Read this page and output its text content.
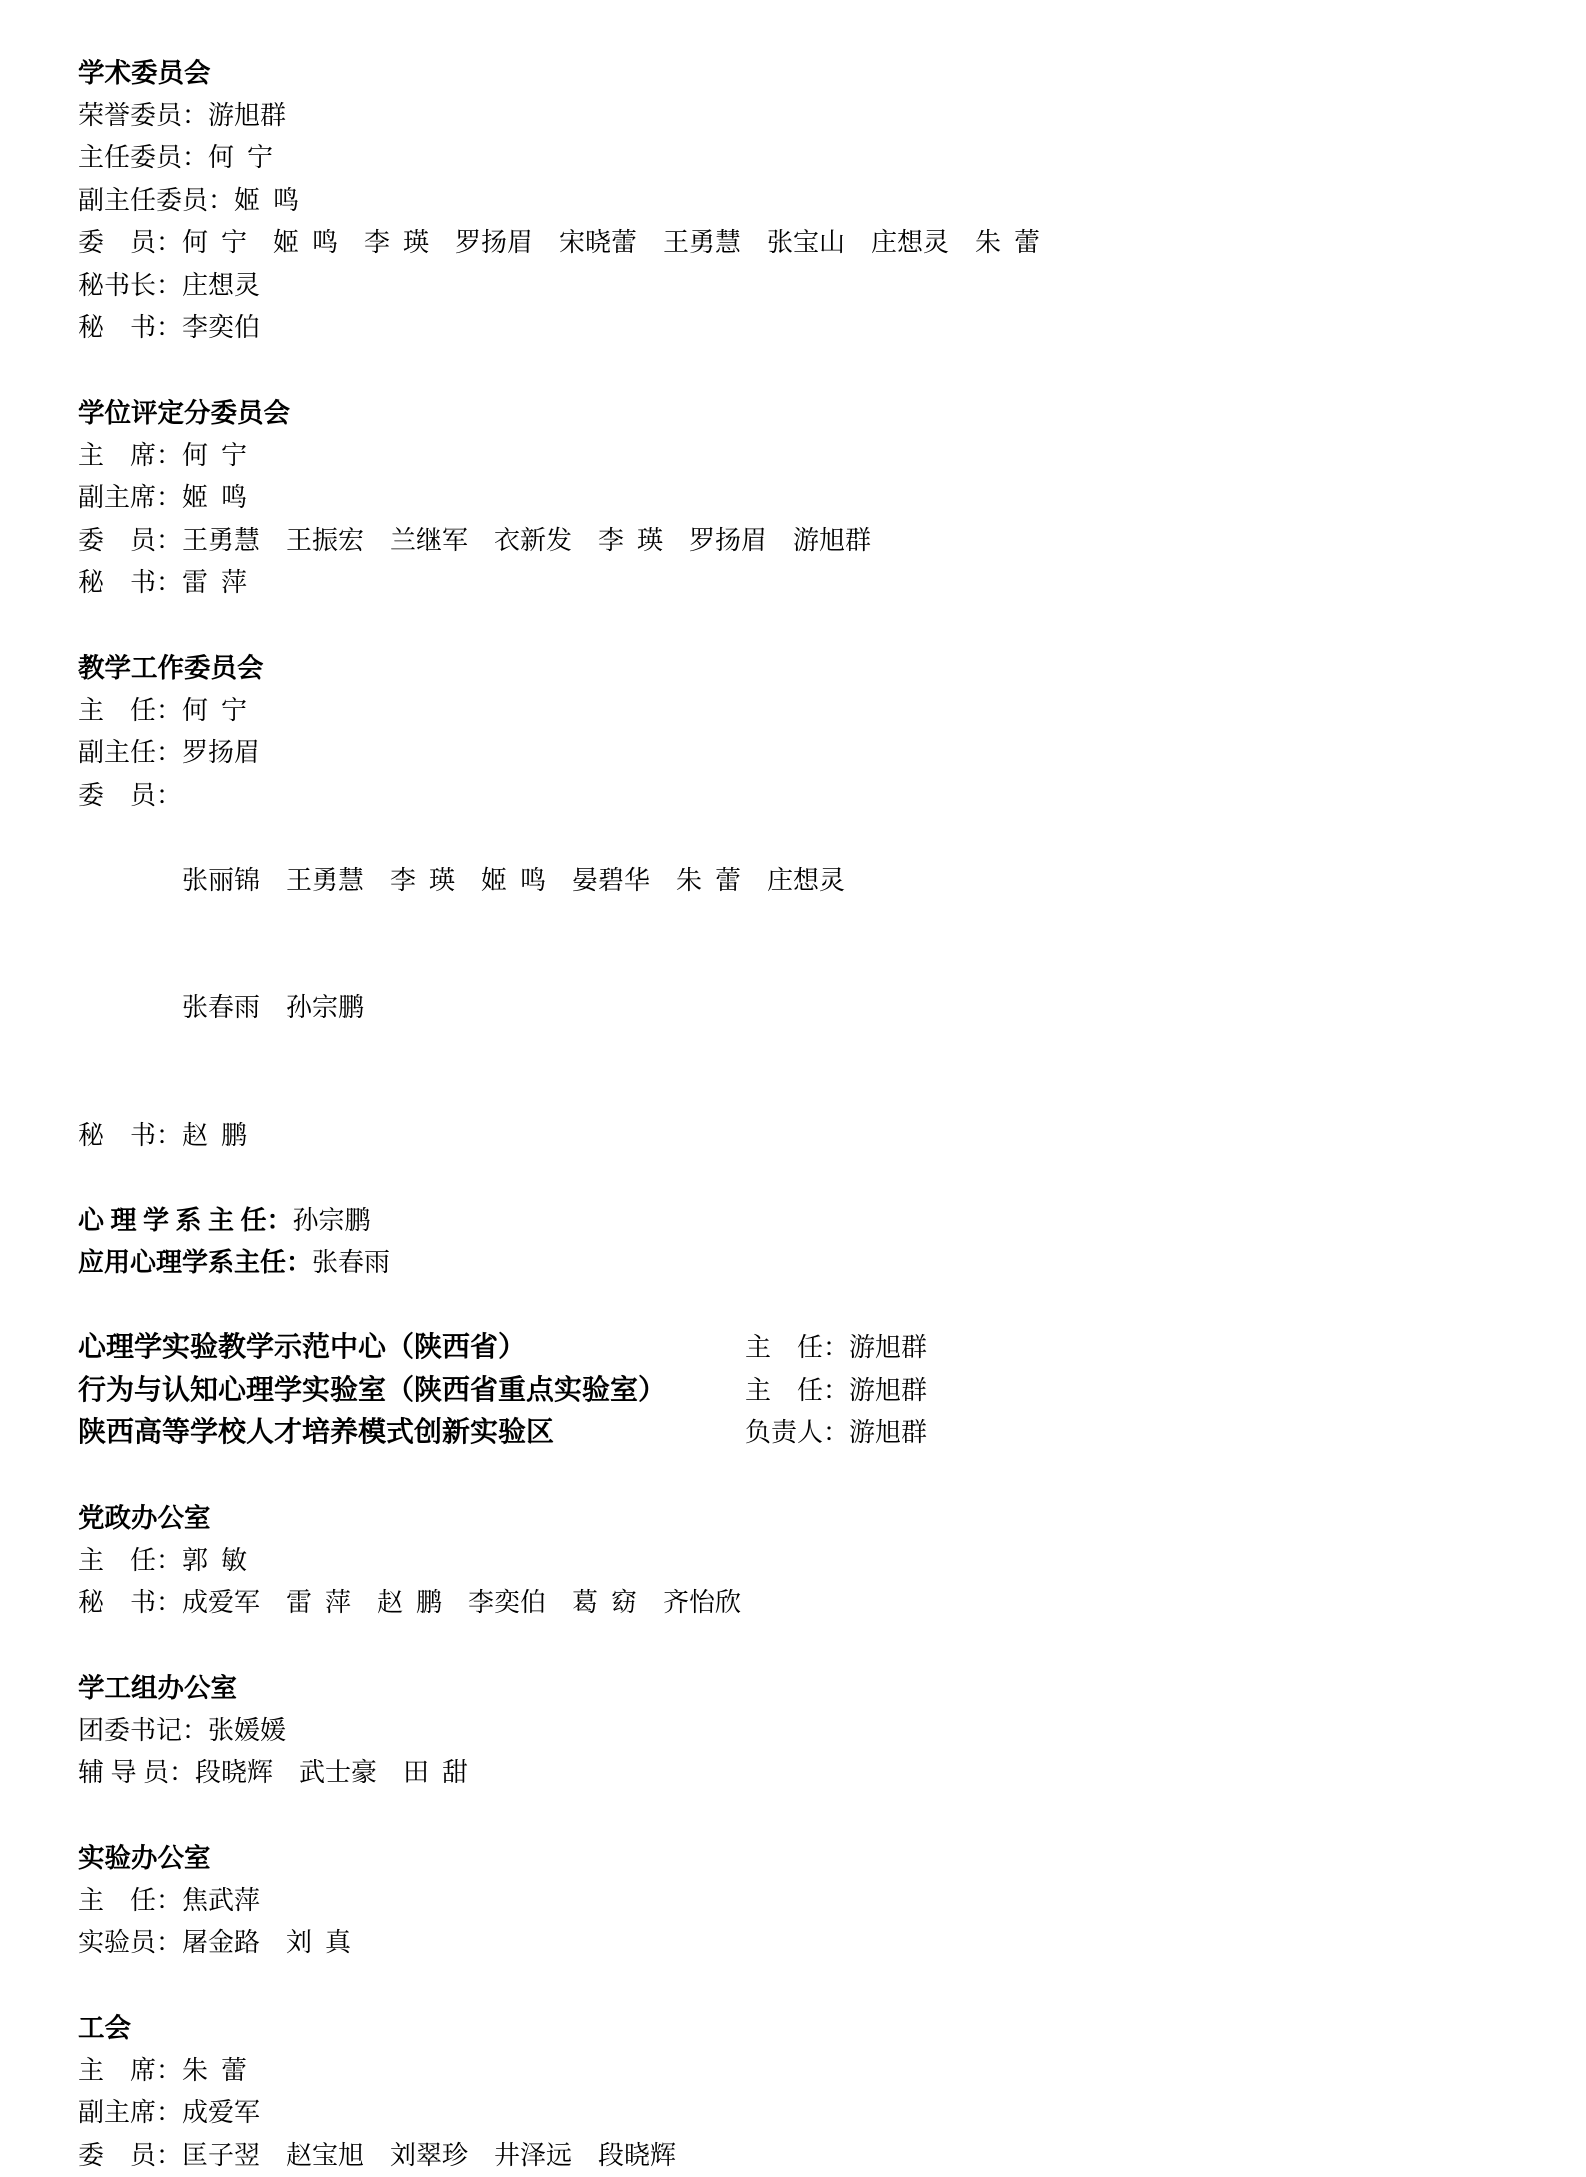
学术委员会
荣誉委员： 游旭群
主任委员： 何  宁
副主任委员： 姬  鸣
委　员： 何  宁　姬  鸣　李  瑛　罗扬眉　宋晓蕾　王勇慧　张宝山　庄想灵　朱  蕾
秘书长： 庄想灵
秘　书： 李奕伯
学位评定分委员会
主　席： 何  宁
副主席： 姬  鸣
委　员： 王勇慧　王振宏　兰继军　衣新发　李  瑛　罗扬眉　游旭群
秘　书： 雷  萍
教学工作委员会
主　任： 何  宁
副主任： 罗扬眉
委　员：

张丽锦　王勇慧　李  瑛　姬  鸣　晏碧华　朱  蕾　庄想灵

张春雨　孙宗鹏

秘　书： 赵  鹏
心 理 学 系 主 任： 孙宗鹏
应用心理学系主任： 张春雨
心理学实验教学示范中心（陕西省）	主　任： 游旭群
行为与认知心理学实验室（陕西省重点实验室）	主　任： 游旭群
陕西高等学校人才培养模式创新实验区	负责人： 游旭群
党政办公室
主　任： 郭  敏
秘　书： 成爱军　雷  萍　赵  鹏　李奕伯　葛  窈　齐怡欣
学工组办公室
团委书记： 张媛媛
辅 导 员： 段晓辉　武士豪　田  甜
实验办公室
主　任： 焦武萍
实验员： 屠金路　刘  真
工会
主　席： 朱  蕾
副主席： 成爱军
委　员： 匡子翌　赵宝旭　刘翠珍　井泽远　段晓辉
